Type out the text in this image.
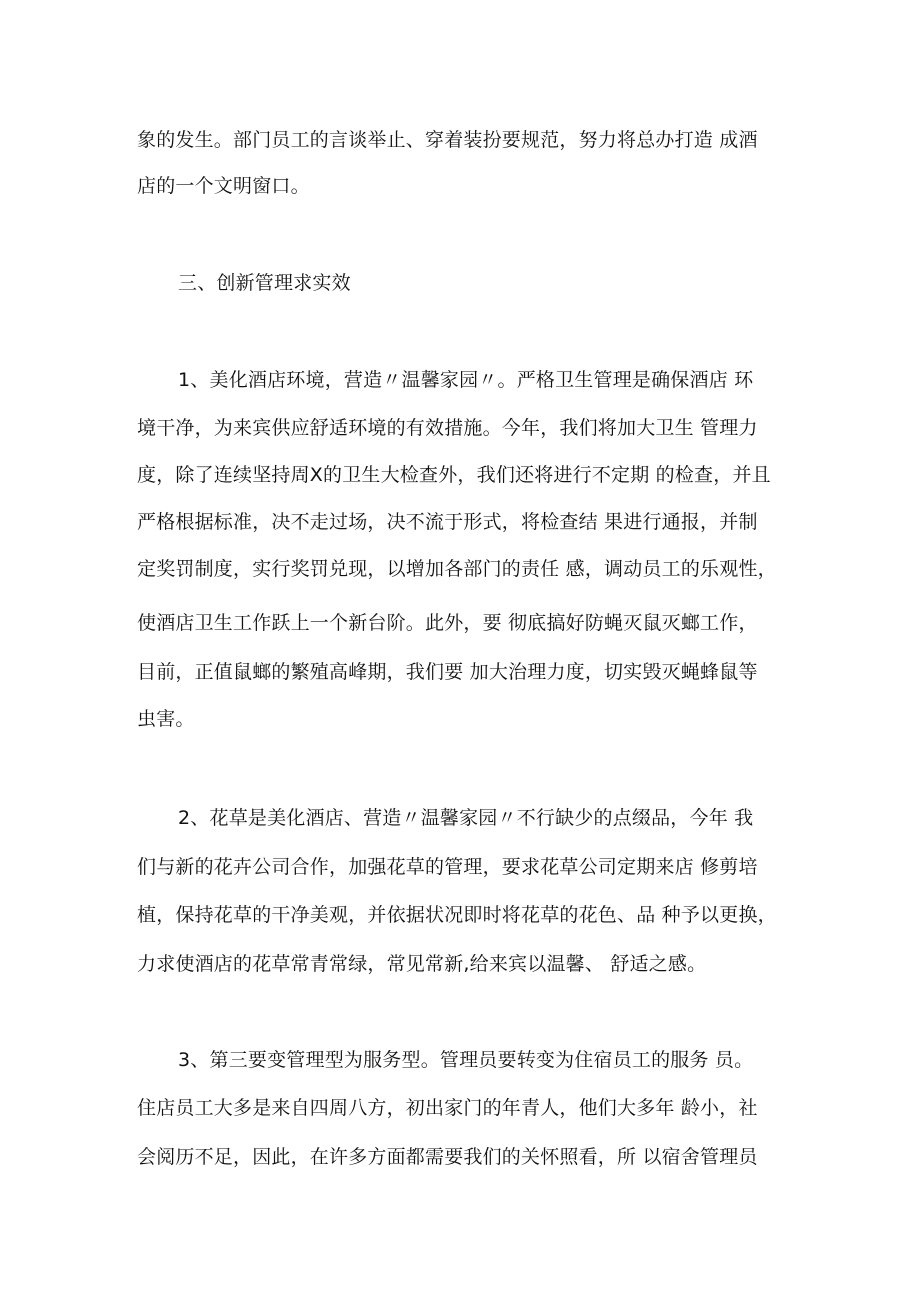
象的发生。部门员工的言谈举止、穿着装扮要规范，努力将总办打造 成酒
店的一个文明窗口。
三、创新管理求实效
1、美化酒店环境，营造〃温馨家园〃。严格卫生管理是确保酒店 环
境干净，为来宾供应舒适环境的有效措施。今年，我们将加大卫生 管理力
度，除了连续坚持周X的卫生大检查外，我们还将进行不定期 的检查，并且
严格根据标准，决不走过场，决不流于形式，将检查结 果进行通报，并制
定奖罚制度，实行奖罚兑现，以增加各部门的责任 感，调动员工的乐观性，
使酒店卫生工作跃上一个新台阶。此外，要 彻底搞好防蝇灭鼠灭螂工作，
目前，正值鼠螂的繁殖高峰期，我们要 加大治理力度，切实毁灭蝇蜂鼠等
虫害。
2、花草是美化酒店、营造〃温馨家园〃不行缺少的点缀品，今年 我
们与新的花卉公司合作，加强花草的管理，要求花草公司定期来店 修剪培
植，保持花草的干净美观，并依据状况即时将花草的花色、品 种予以更换，
力求使酒店的花草常青常绿，常见常新,给来宾以温馨、 舒适之感。
3、第三要变管理型为服务型。管理员要转变为住宿员工的服务 员。
住店员工大多是来自四周八方，初出家门的年青人，他们大多年 龄小，社
会阅历不足，因此，在许多方面都需要我们的关怀照看，所 以宿舍管理员
